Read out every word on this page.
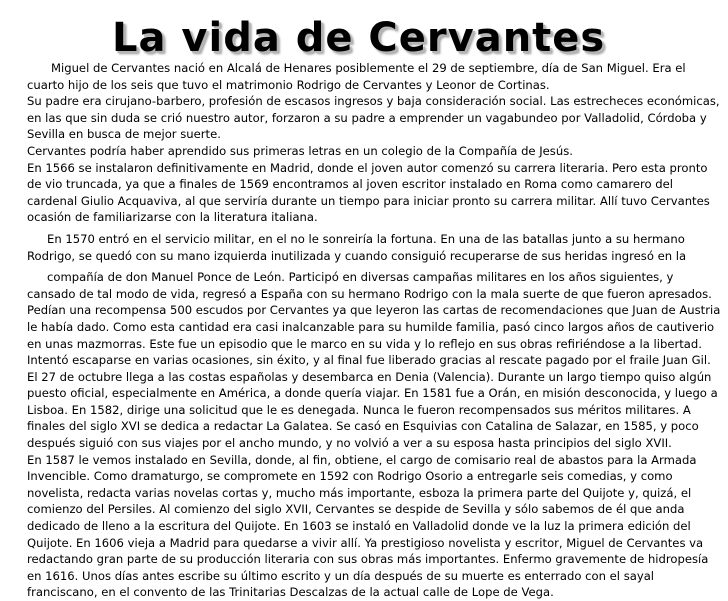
La vida de Cervantes

Miguel de Cervantes nació en Alcalá de Henares posiblemente el 29 de septiembre, día de San Miguel. Era el cuarto hijo de los seis que tuvo el matrimonio Rodrigo de Cervantes y Leonor de Cortinas.

Su padre era cirujano-barbero, profesión de escasos ingresos y baja consideración social. Las estrecheces económicas, en las que sin duda se crió nuestro autor, forzaron a su padre a emprender un vagabundeo por Valladolid, Córdoba y Sevilla en busca de mejor suerte.

Cervantes podría haber aprendido sus primeras letras en un colegio de la Compañía de Jesús.

En 1566 se instalaron definitivamente en Madrid, donde el joven autor comenzó su carrera literaria. Pero esta pronto de vio truncada, ya que a finales de 1569 encontramos al joven escritor instalado en Roma como camarero del cardenal Giulio Acquaviva, al que serviría durante un tiempo para iniciar pronto su carrera militar. Allí tuvo Cervantes ocasión de familiarizarse con la literatura italiana.

En 1570 entró en el servicio militar, en el no le sonreiría la fortuna. En una de las batallas junto a su hermano Rodrigo, se quedó con su mano izquierda inutilizada y cuando consiguió recuperarse de sus heridas ingresó en la

compañía de don Manuel Ponce de León. Participó en diversas campañas militares en los años siguientes, y cansado de tal modo de vida, regresó a España con su hermano Rodrigo con la mala suerte de que fueron apresados. Pedían una recompensa 500 escudos por Cervantes ya que leyeron las cartas de recomendaciones que Juan de Austria le había dado. Como esta cantidad era casi inalcanzable para su humilde familia, pasó cinco largos años de cautiverio en unas mazmorras. Este fue un episodio que le marco en su vida y lo reflejo en sus obras refiriéndose a la libertad. Intentó escaparse en varias ocasiones, sin éxito, y al final fue liberado gracias al rescate pagado por el fraile Juan Gil. El 27 de octubre llega a las costas españolas y desembarca en Denia (Valencia). Durante un largo tiempo quiso algún puesto oficial, especialmente en América, a donde quería viajar. En 1581 fue a Orán, en misión desconocida, y luego a Lisboa. En 1582, dirige una solicitud que le es denegada. Nunca le fueron recompensados sus méritos militares. A finales del siglo XVI se dedica a redactar La Galatea. Se casó en Esquivias con Catalina de Salazar, en 1585, y poco después siguió con sus viajes por el ancho mundo, y no volvió a ver a su esposa hasta principios del siglo XVII.

En 1587 le vemos instalado en Sevilla, donde, al fin, obtiene, el cargo de comisario real de abastos para la Armada Invencible. Como dramaturgo, se compromete en 1592 con Rodrigo Osorio a entregarle seis comedias, y como novelista, redacta varias novelas cortas y, mucho más importante, esboza la primera parte del Quijote y, quizá, el comienzo del Persiles. Al comienzo del siglo XVII, Cervantes se despide de Sevilla y sólo sabemos de él que anda dedicado de lleno a la escritura del Quijote. En 1603 se instaló en Valladolid donde ve la luz la primera edición del Quijote. En 1606 vieja a Madrid para quedarse a vivir allí. Ya prestigioso novelista y escritor, Miguel de Cervantes va redactando gran parte de su producción literaria con sus obras más importantes. Enfermo gravemente de hidropesía en 1616. Unos días antes escribe su último escrito y un día después de su muerte es enterrado con el sayal franciscano, en el convento de las Trinitarias Descalzas de la actual calle de Lope de Vega.
